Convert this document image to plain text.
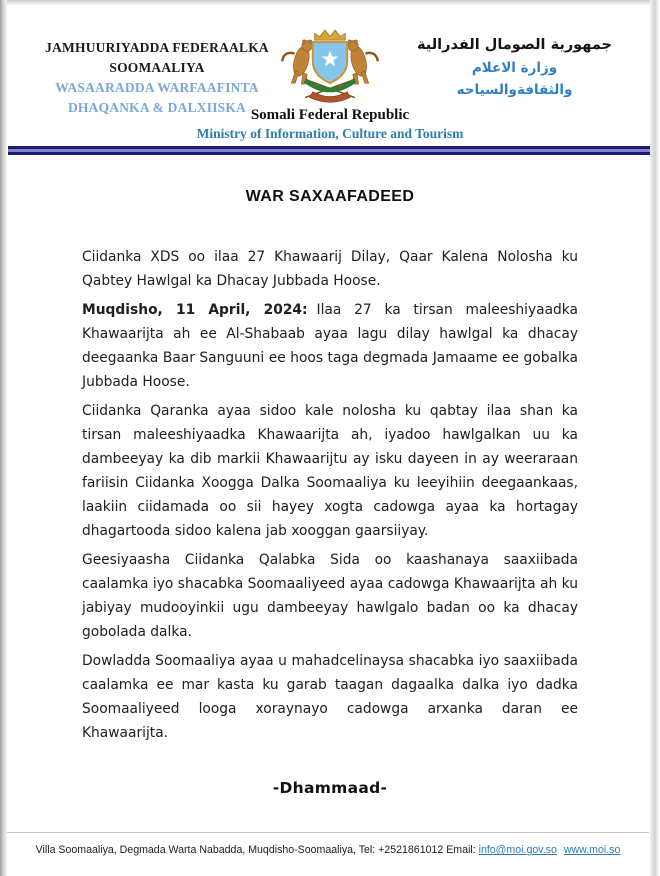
JAMHUURIYADDA FEDERAALKA
SOOMAALIYA
WASAARADDA WARFAAFINTA
DHAQANKA & DALXIISKA Somali Federal Republic
Ministry of Information, Culture and Tourism
جمهورية الصومال الفدرالية
وزارة الاعلام
والثقافةوالسياحه
WAR SAXAAFADEED

Ciidanka XDS oo ilaa 27 Khawaarij Dilay, Qaar Kalena Nolosha ku Qabtey Hawlgal ka Dhacay Jubbada Hoose.

Muqdisho, 11 April, 2024: Ilaa 27 ka tirsan maleeshiyaadka Khawaarijta ah ee Al-Shabaab ayaa lagu dilay hawlgal ka dhacay deegaanka Baar Sanguuni ee hoos taga degmada Jamaame ee gobalka Jubbada Hoose.

Ciidanka Qaranka ayaa sidoo kale nolosha ku qabtay ilaa shan ka tirsan maleeshiyaadka Khawaarijta ah, iyadoo hawlgalkan uu ka dambeeyay ka dib markii Khawaarijtu ay isku dayeen in ay weeraraan fariisin Ciidanka Xoogga Dalka Soomaaliya ku leeyihiin deegaankaas, laakiin ciidamada oo sii hayey xogta cadowga ayaa ka hortagay dhagartooda sidoo kalena jab xooggan gaarsiiyay.

Geesiyaasha Ciidanka Qalabka Sida oo kaashanaya saaxiibada caalamka iyo shacabka Soomaaliyeed ayaa cadowga Khawaarijta ah ku jabiyay mudooyinkii ugu dambeeyay hawlgalo badan oo ka dhacay gobolada dalka.

Dowladda Soomaaliya ayaa u mahadcelinaysa shacabka iyo saaxiibada caalamka ee mar kasta ku garab taagan dagaalka dalka iyo dadka Soomaaliyeed looga xoraynayo cadowga arxanka daran ee Khawaarijta.

-Dhammaad-
Villa Soomaaliya, Degmada Warta Nabadda, Muqdisho-Soomaaliya, Tel: +2521861012 Email: info@moi.gov.so www.moi.so
